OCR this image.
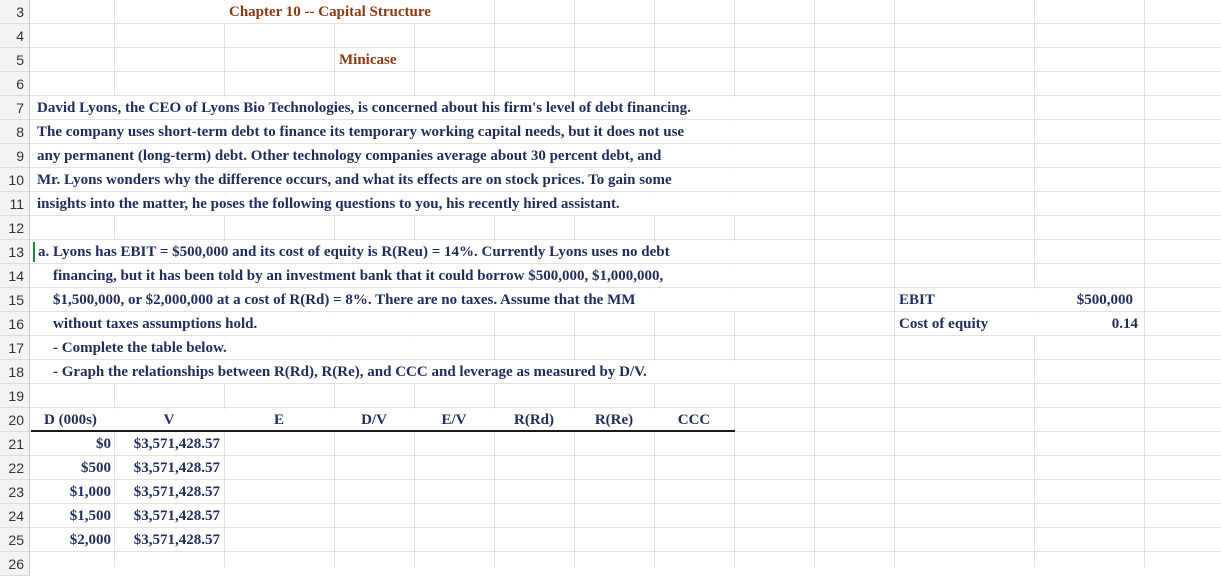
3
4
5
6
7
8
9
10
11
12
13
14
15
16
17
18
19
20
21
22
23
24
25
26
Chapter 10 -- Capital Structure
Minicase
David Lyons, the CEO of Lyons Bio Technologies, is concerned about his firm's level of debt financing.
The company uses short-term debt to finance its temporary working capital needs, but it does not use
any permanent (long-term) debt. Other technology companies average about 30 percent debt, and
Mr. Lyons wonders why the difference occurs, and what its effects are on stock prices. To gain some
insights into the matter, he poses the following questions to you, his recently hired assistant.
a. Lyons has EBIT = $500,000 and its cost of equity is R(Reu) = 14%. Currently Lyons uses no debt
financing, but it has been told by an investment bank that it could borrow $500,000, $1,000,000,
$1,500,000, or $2,000,000 at a cost of R(Rd) = 8%. There are no taxes. Assume that the MM
without taxes assumptions hold.
- Complete the table below.
- Graph the relationships between R(Rd), R(Re), and CCC and leverage as measured by D/V.
EBIT	$500,000
Cost of equity	0.14
D (000s)	V	E	D/V	E/V	R(Rd)	R(Re)	CCC
$0	$3,571,428.57
$500	$3,571,428.57
$1,000	$3,571,428.57
$1,500	$3,571,428.57
$2,000	$3,571,428.57
